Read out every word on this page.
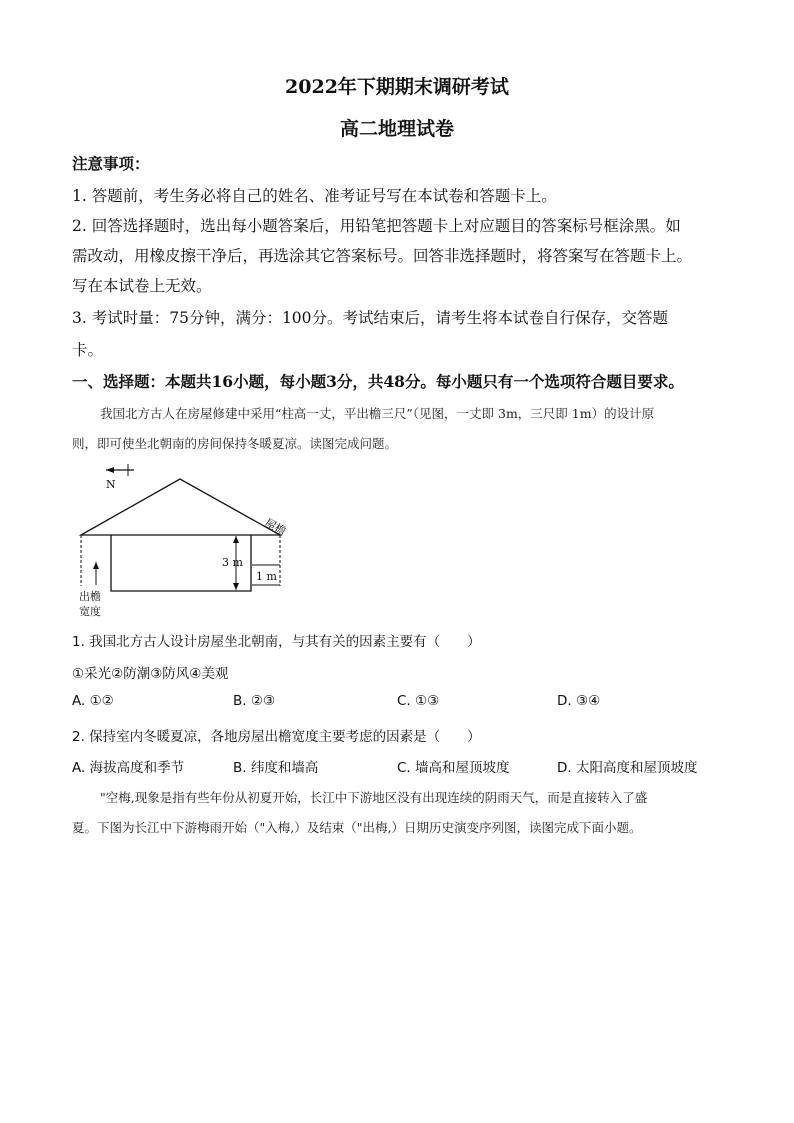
2022年下期期末调研考试
高二地理试卷
注意事项：
1. 答题前，考生务必将自己的姓名、准考证号写在本试卷和答题卡上。
2. 回答选择题时，选出每小题答案后，用铅笔把答题卡上对应题目的答案标号框涂黑。如
需改动，用橡皮擦干净后，再选涂其它答案标号。回答非选择题时，将答案写在答题卡上。
写在本试卷上无效。
3. 考试时量：75分钟，满分：100分。考试结束后，请考生将本试卷自行保存，交答题
卡。
一、选择题：本题共16小题，每小题3分，共48分。每小题只有一个选项符合题目要求。
我国北方古人在房屋修建中采用“柱高一丈，平出檐三尺”（见图，一丈即 3m，三尺即 1m）的设计原
则，即可使坐北朝南的房间保持冬暖夏凉。读图完成问题。
N
3 m
1 m
屋檐
出檐
宽度
1. 我国北方古人设计房屋坐北朝南，与其有关的因素主要有（　　）
①采光②防潮③防风④美观
A. ①②	B. ②③	C. ①③	D. ③④
2. 保持室内冬暖夏凉，各地房屋出檐宽度主要考虑的因素是（　　）
A. 海拔高度和季节	B. 纬度和墙高	C. 墙高和屋顶坡度	D. 太阳高度和屋顶坡度
"空梅,现象是指有些年份从初夏开始，长江中下游地区没有出现连续的阴雨天气，而是直接转入了盛
夏。下图为长江中下游梅雨开始（"入梅,）及结束（"出梅,）日期历史演变序列图，读图完成下面小题。
